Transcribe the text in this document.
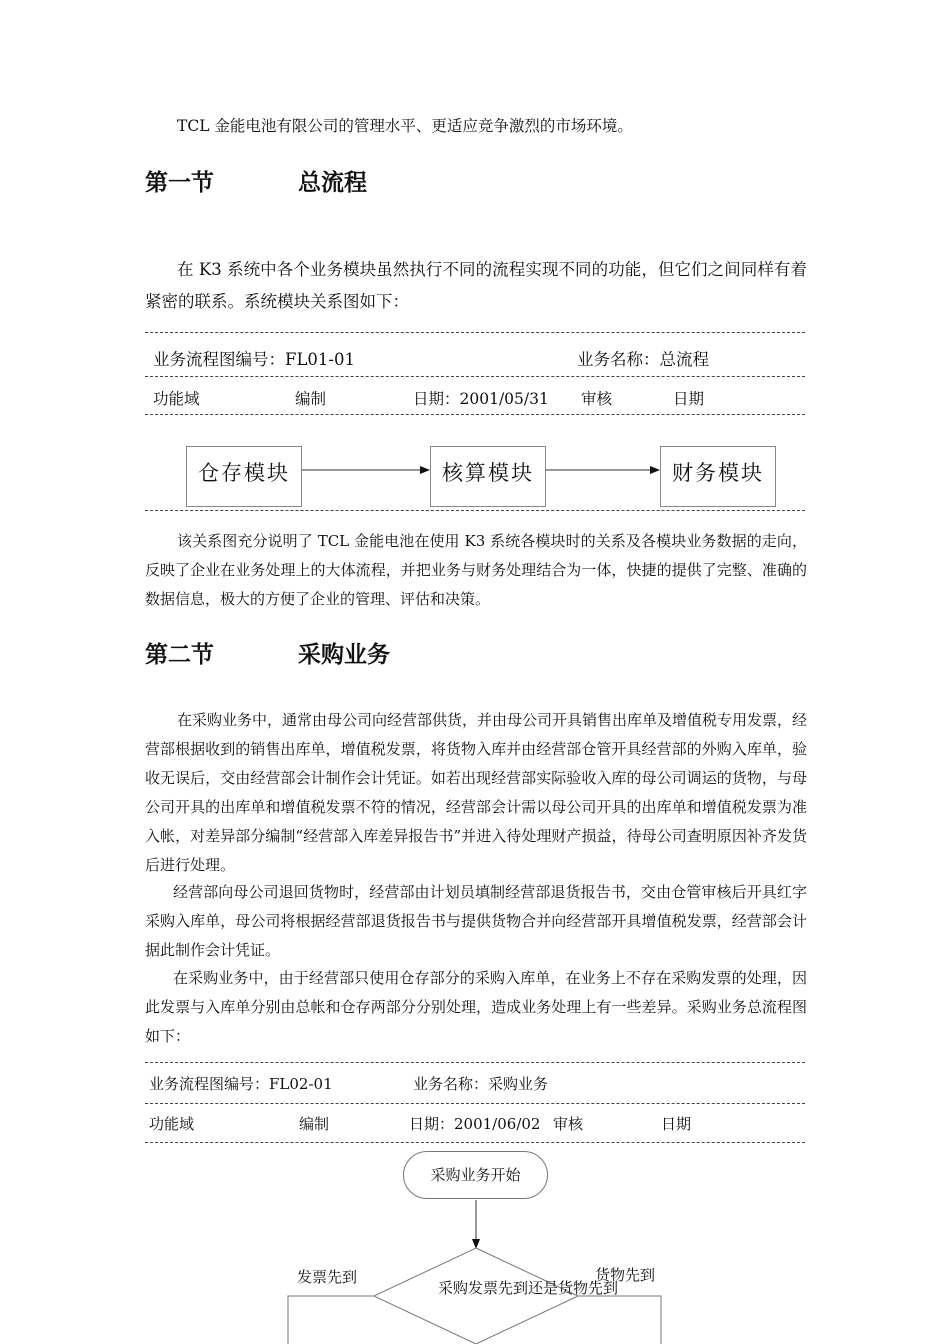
TCL 金能电池有限公司的管理水平、更适应竞争激烈的市场环境。
第一节	总流程
在 K3 系统中各个业务模块虽然执行不同的流程实现不同的功能，但它们之间同样有着紧密的联系。系统模块关系图如下：
业务流程图编号：FL01-01	业务名称：总流程
功能域	编制	日期：2001/05/31 审核	日期
仓存模块	核算模块	财务模块
该关系图充分说明了 TCL 金能电池在使用 K3 系统各模块时的关系及各模块业务数据的走向，反映了企业在业务处理上的大体流程，并把业务与财务处理结合为一体，快捷的提供了完整、准确的数据信息，极大的方便了企业的管理、评估和决策。
第二节	采购业务
在采购业务中，通常由母公司向经营部供货，并由母公司开具销售出库单及增值税专用发票，经营部根据收到的销售出库单，增值税发票，将货物入库并由经营部仓管开具经营部的外购入库单，验收无误后，交由经营部会计制作会计凭证。如若出现经营部实际验收入库的母公司调运的货物，与母公司开具的出库单和增值税发票不符的情况，经营部会计需以母公司开具的出库单和增值税发票为准入帐，对差异部分编制“经营部入库差异报告书”并进入待处理财产损益，待母公司查明原因补齐发货后进行处理。
经营部向母公司退回货物时，经营部由计划员填制经营部退货报告书，交由仓管审核后开具红字采购入库单，母公司将根据经营部退货报告书与提供货物合并向经营部开具增值税发票，经营部会计据此制作会计凭证。
在采购业务中，由于经营部只使用仓存部分的采购入库单，在业务上不存在采购发票的处理，因此发票与入库单分别由总帐和仓存两部分分别处理，造成业务处理上有一些差异。采购业务总流程图如下：
业务流程图编号：FL02-01	业务名称：采购业务
功能域	编制	日期：2001/06/02 审核	日期
采购业务开始
采购发票先到还是货物先到
发票先到	货物先到
